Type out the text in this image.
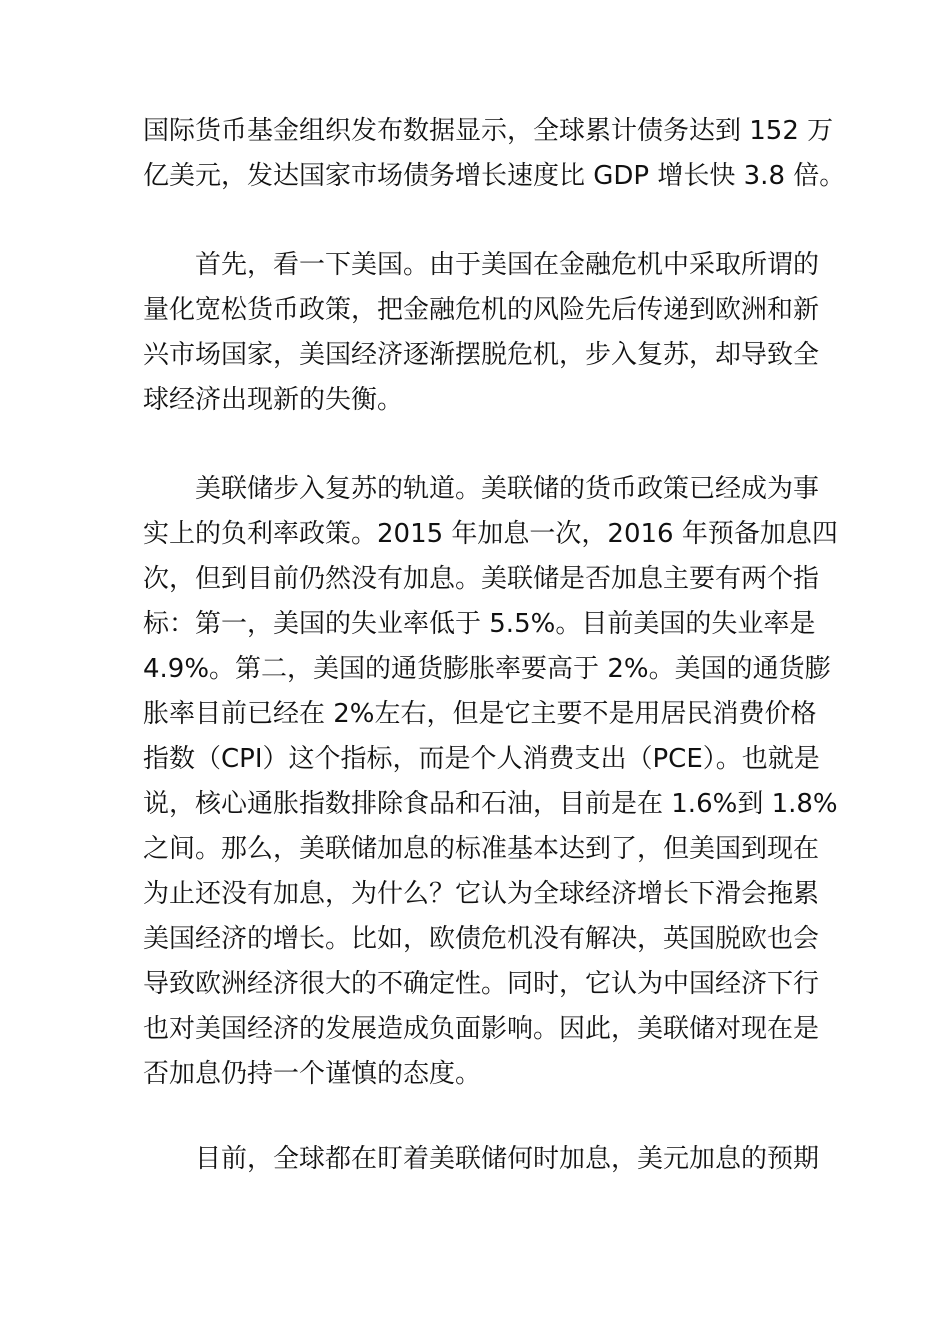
国际货币基金组织发布数据显示，全球累计债务达到 152 万
亿美元，发达国家市场债务增长速度比 GDP 增长快 3.8 倍。
首先，看一下美国。由于美国在金融危机中采取所谓的
量化宽松货币政策，把金融危机的风险先后传递到欧洲和新
兴市场国家，美国经济逐渐摆脱危机，步入复苏，却导致全
球经济出现新的失衡。
美联储步入复苏的轨道。美联储的货币政策已经成为事
实上的负利率政策。2015 年加息一次，2016 年预备加息四
次，但到目前仍然没有加息。美联储是否加息主要有两个指
标：第一，美国的失业率低于 5.5%。目前美国的失业率是
4.9%。第二，美国的通货膨胀率要高于 2%。美国的通货膨
胀率目前已经在 2%左右，但是它主要不是用居民消费价格
指数（CPI）这个指标，而是个人消费支出（PCE）。也就是
说，核心通胀指数排除食品和石油，目前是在 1.6%到 1.8%
之间。那么，美联储加息的标准基本达到了，但美国到现在
为止还没有加息，为什么？它认为全球经济增长下滑会拖累
美国经济的增长。比如，欧债危机没有解决，英国脱欧也会
导致欧洲经济很大的不确定性。同时，它认为中国经济下行
也对美国经济的发展造成负面影响。因此，美联储对现在是
否加息仍持一个谨慎的态度。
目前，全球都在盯着美联储何时加息，美元加息的预期
